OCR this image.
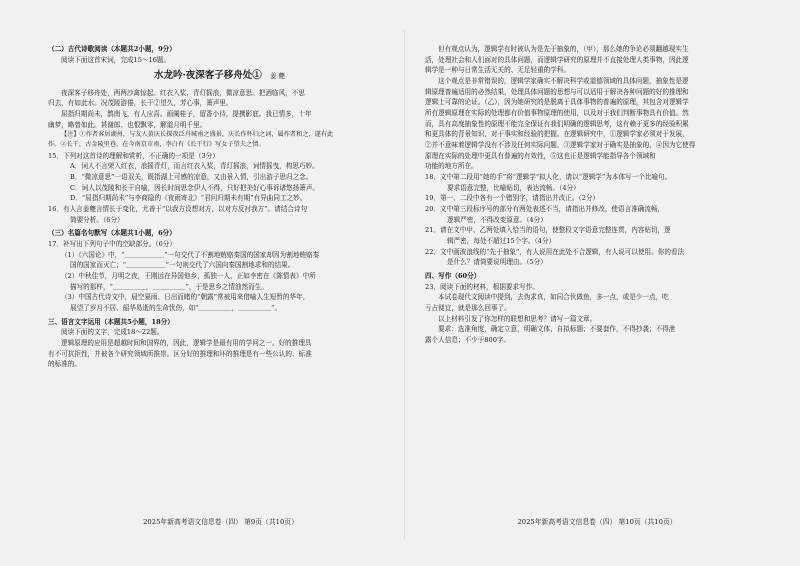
（二）古代诗歌阅读（本题共2小题，9分）

阅读下面这首宋词，完成15～16题。

水龙吟·夜深客子移舟处① 姜夔

夜深客子移舟处，两两沙禽惊起。红衣入桨，青灯摇浪，微凉意思。把酒临风，不思

归去，有如此水。况茂陵游倦，长干②望久，芳心事，箫声里。

屈指归期尚未，鹊南飞，有人应喜。画阑桂子，留香小待，提携影底。我已情多，十年

幽梦，略曾如此。甚谢郎、也恨飘零，解道月明千里。

【注】①作者客居湖州，与友人黄庆长探夜泛舟城南之盛景，庆长作怀归之词，属作者和之，遂有此

作。②长干，古金陵里巷，在今南京市南，李白有《长干行》写女子望夫之情。

15．下列对这首诗的理解和赏析，不正确的一项是（3分）

A．词人不言荣入红衣，浪摇青灯，而言红衣入桨，青灯摇浪，词情摇曳，构思巧妙。

B．“微凉意思”一语双关，既指湖上可感的凉意，又由景入情，引出游子思归之念。

C．词人以茂陵和长干自喻，因长时间思念伊人不得，只好把美好心事诉诸悠扬箫声。

D．“屈指归期尚未”与李商隐的《夜雨寄北》“君问归期未有期”有异曲同工之妙。

16．有人言姜夔言情长于变化，尤善于“以我方设想对方，以对方反衬我方”。请结合诗句

简要分析。（6分）

（三）名篇名句默写（本题共1小题，6分）

17．补写出下列句子中的空缺部分。（6分）

（1）《六国论》中，“＿＿＿＿＿＿”一句交代了不割地贿赂秦国的国家却因为割地贿赂秦

国的国家而灭亡；“＿＿＿＿＿＿”一句则交代了六国向秦国割地求和的结果。

（2）中秋佳节，月明之夜，王刚远在异国他乡，孤独一人，正如李密在《陈情表》中所

描写的那样，“＿＿＿＿＿，＿＿＿＿＿”，于是思乡之情油然而生。

（3）中国古代诗文中，晨空夏雨、日出而睹的“朝露”常被用来借喻人生短暂的华年，

展望了岁月不居、韶华易逝的生命忧伤，如“＿＿＿＿＿，＿＿＿＿＿”。

三、语言文字运用（本题共5小题，18分）

阅读下面的文字，完成18～22题。

逻辑原理的应用是超越时间和国界的，因此，逻辑学是最有用的学问之一。好的推理具

有不可抗拒性，并被各个研究领域所推崇。区分好的推理和坏的推理是有一些公认的、标准

的标准的。

2025年新高考语文信息卷（四） 第9页（共10页）

但有观点认为，逻辑学有时被认为是先于抽象的，（甲），那么她的争论必须翻越现实生

活，处理社会和人们面对的具体问题，而逻辑学研究的原理并不直接处理人类事物，因此逻

辑学是一种与日常生活无关的、无足轻重的学科。

这个观点是非常错误的，逻辑学家确实不解决科学或道德领域的具体问题，抽象性是逻

辑原理普遍适用的必然结果，处理具体问题的思想与可以适用于解决各种问题的好的推理和

逻辑上可靠的论证。（乙），因为她研究的是脱离于具体事物的普遍的原理，其包含对逻辑学

所有逻辑原理在实际的处理都有价值事物原理的使用，以及对于我们判断事物具有价值。然

而，具有高度抽象性的原理不能完全保证有我们明确的逻辑思考，这有赖于更多的经验积累

和更具体的背景知识，对于事实和经验的把握。在逻辑研究中，①逻辑学家必须对于发展，

②并不意味着逻辑学没有不涉及任何实际问题，③逻辑学家对于确实是抽象的，④因为它使得

原理在实际的处理中更具有普遍的有效性，⑤这也正是逻辑学能指导各个领域和

功能的地方所在。

18．文中第二段用“她的手”将“逻辑学”拟人化，请以“逻辑学”为本体写一个比喻句。

要求语意完整，比喻贴切，表达流畅。（4分）

19．第一、二段中各有一个错别字，请指出并改正。（2分）

20．文中第三段标序号的部分有两处表述不当，请指出并修改，使语言准确流畅，

逻辑严密，不得改变原意。（4分）

21．请在文中甲、乙两处填入恰当的语句，使整段文字语意完整连贯，内容贴切，逻

辑严密，每处不超过15个字。（4分）

22．文中画波浪线的“先于抽象”，有人说用在此处不合逻辑，有人说可以使用。你的看法

是什么？请简要说明理由。（5分）

四、写作（60分）

23．阅读下面的材料，根据要求写作。

本试卷现代文阅读中提到，去伪求真，如同合伙做鱼，多一点，或是少一点，吃

亏占便宜，就是那么回事了。

以上材料引发了你怎样的联想和思考？请写一篇文章。

要求：选准角度，确定立意，明确文体，自拟标题；不要套作，不得抄袭；不得泄

露个人信息；不少于800字。

2025年新高考语文信息卷（四） 第10页（共10页）
